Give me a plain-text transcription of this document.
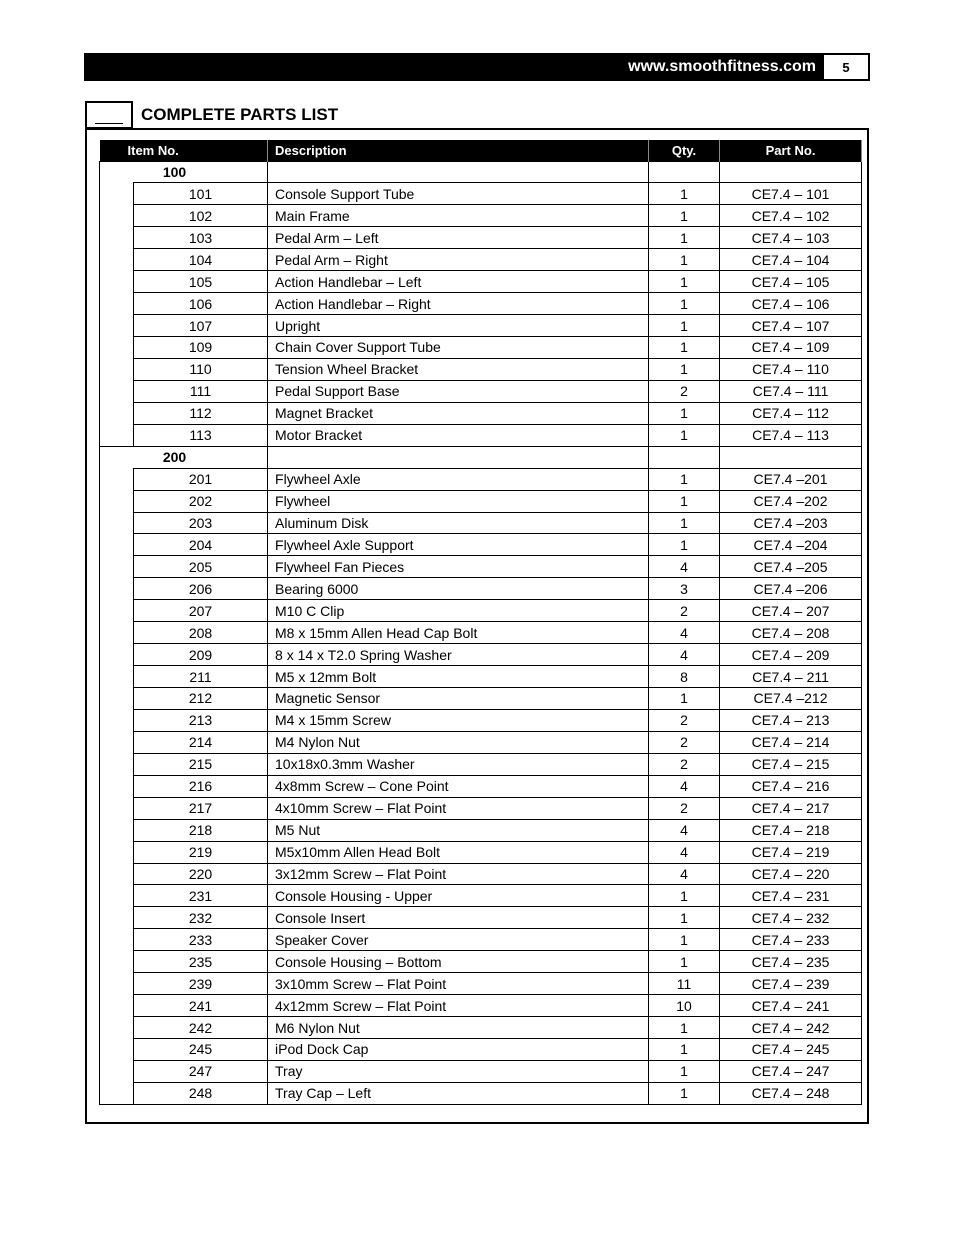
www.smoothfitness.com	5
COMPLETE PARTS LIST
Item No.		Description	Qty.	Part No.
100				
	101	Console Support Tube	1	CE7.4 – 101
	102	Main Frame	1	CE7.4 – 102
	103	Pedal Arm – Left	1	CE7.4 – 103
	104	Pedal Arm – Right	1	CE7.4 – 104
	105	Action Handlebar – Left	1	CE7.4 – 105
	106	Action Handlebar – Right	1	CE7.4 – 106
	107	Upright	1	CE7.4 – 107
	109	Chain Cover Support Tube	1	CE7.4 – 109
	110	Tension Wheel Bracket	1	CE7.4 – 110
	111	Pedal Support Base	2	CE7.4 – 111
	112	Magnet Bracket	1	CE7.4 – 112
	113	Motor Bracket	1	CE7.4 – 113
200				
	201	Flywheel Axle	1	CE7.4 –201
	202	Flywheel	1	CE7.4 –202
	203	Aluminum Disk	1	CE7.4 –203
	204	Flywheel Axle Support	1	CE7.4 –204
	205	Flywheel Fan Pieces	4	CE7.4 –205
	206	Bearing 6000	3	CE7.4 –206
	207	M10 C Clip	2	CE7.4 – 207
	208	M8 x 15mm Allen Head Cap Bolt	4	CE7.4 – 208
	209	8 x 14 x T2.0 Spring Washer	4	CE7.4 – 209
	211	M5 x 12mm Bolt	8	CE7.4 – 211
	212	Magnetic Sensor	1	CE7.4 –212
	213	M4 x 15mm Screw	2	CE7.4 – 213
	214	M4 Nylon Nut	2	CE7.4 – 214
	215	10x18x0.3mm Washer	2	CE7.4 – 215
	216	4x8mm Screw – Cone Point	4	CE7.4 – 216
	217	4x10mm Screw – Flat Point	2	CE7.4 – 217
	218	M5 Nut	4	CE7.4 – 218
	219	M5x10mm Allen Head Bolt	4	CE7.4 – 219
	220	3x12mm Screw – Flat Point	4	CE7.4 – 220
	231	Console Housing - Upper	1	CE7.4 – 231
	232	Console Insert	1	CE7.4 – 232
	233	Speaker Cover	1	CE7.4 – 233
	235	Console Housing – Bottom	1	CE7.4 – 235
	239	3x10mm Screw – Flat Point	11	CE7.4 – 239
	241	4x12mm Screw – Flat Point	10	CE7.4 – 241
	242	M6 Nylon Nut	1	CE7.4 – 242
	245	iPod Dock Cap	1	CE7.4 – 245
	247	Tray	1	CE7.4 – 247
	248	Tray Cap – Left	1	CE7.4 – 248
